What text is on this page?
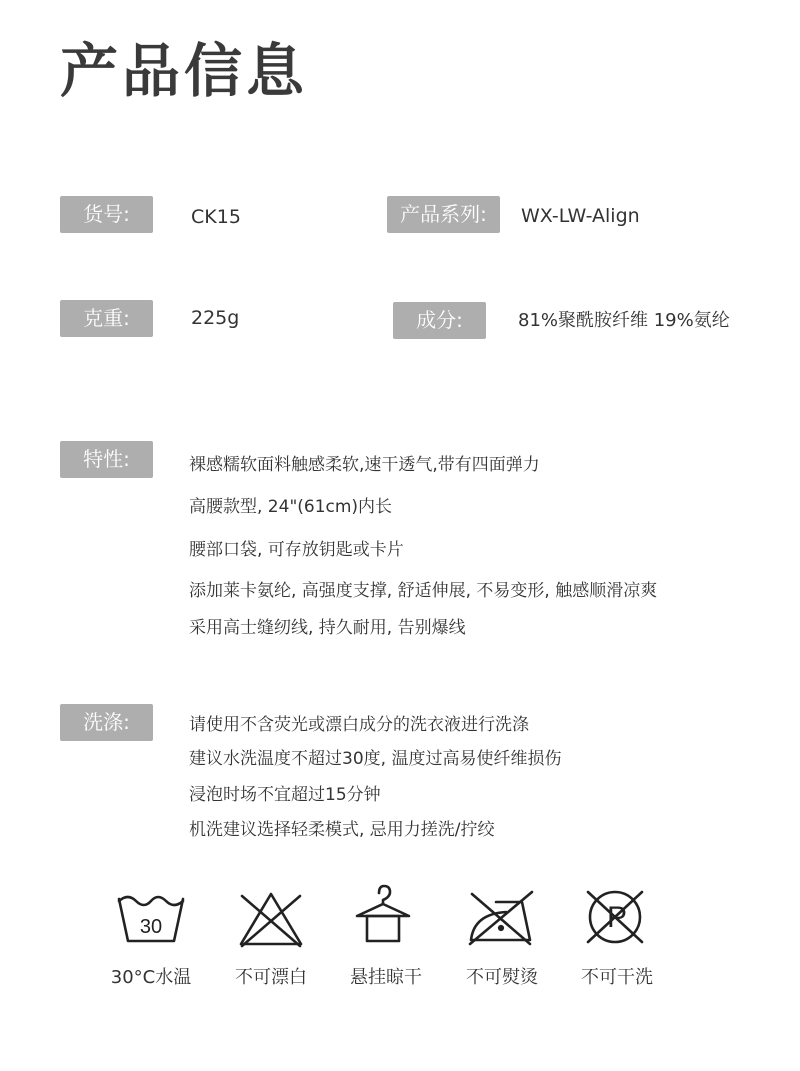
产品信息
货号:	CK15	产品系列:	WX-LW-Align
克重:	225g	成分:	81%聚酰胺纤维 19%氨纶
特性:	裸感糯软面料触感柔软,速干透气,带有四面弹力
高腰款型, 24"(61cm)内长
腰部口袋, 可存放钥匙或卡片
添加莱卡氨纶, 高强度支撑, 舒适伸展, 不易变形, 触感顺滑凉爽
采用高士缝纫线, 持久耐用, 告别爆线
洗涤:	请使用不含荧光或漂白成分的洗衣液进行洗涤
建议水洗温度不超过30度, 温度过高易使纤维损伤
浸泡时场不宜超过15分钟
机洗建议选择轻柔模式, 忌用力搓洗/拧绞
30	P
30°C水温	不可漂白	悬挂晾干	不可熨烫	不可干洗
